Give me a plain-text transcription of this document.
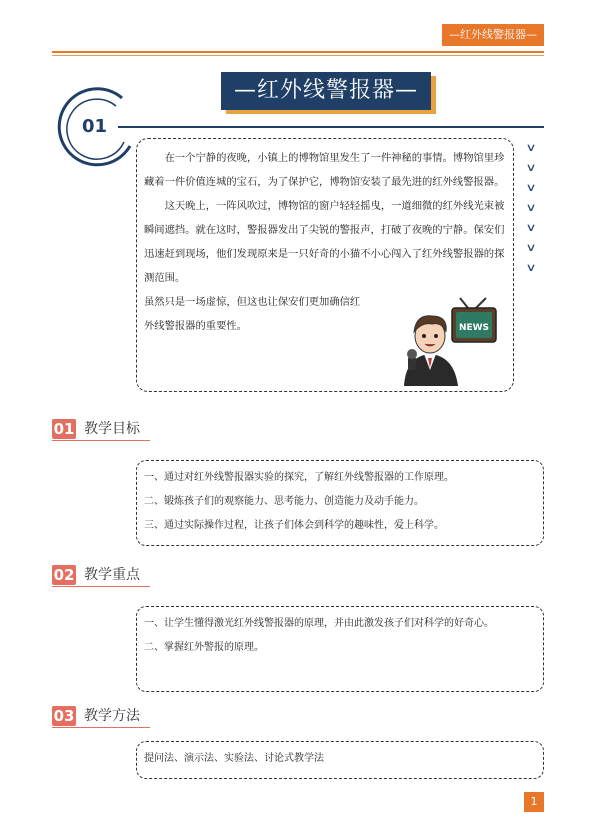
—红外线警报器—
—红外线警报器—
01

在一个宁静的夜晚，小镇上的博物馆里发生了一件神秘的事情。博物馆里珍藏着一件价值连城的宝石，为了保护它，博物馆安装了最先进的红外线警报器。

这天晚上，一阵风吹过，博物馆的窗户轻轻摇曳，一道细微的红外线光束被瞬间遮挡。就在这时，警报器发出了尖锐的警报声，打破了夜晚的宁静。保安们迅速赶到现场，他们发现原来是一只好奇的小猫不小心闯入了红外线警报器的探测范围。

虽然只是一场虚惊，但这也让保安们更加确信红外线警报器的重要性。	NEWS
∨
∨
∨
∨
∨
∨
∨
01 教学目标

一、通过对红外线警报器实验的探究，了解红外线警报器的工作原理。

二、锻炼孩子们的观察能力、思考能力、创造能力及动手能力。

三、通过实际操作过程，让孩子们体会到科学的趣味性，爱上科学。

02 教学重点

一、让学生懂得激光红外线警报器的原理，并由此激发孩子们对科学的好奇心。

二、掌握红外警报的原理。

03 教学方法

提问法、演示法、实验法、讨论式教学法

1
